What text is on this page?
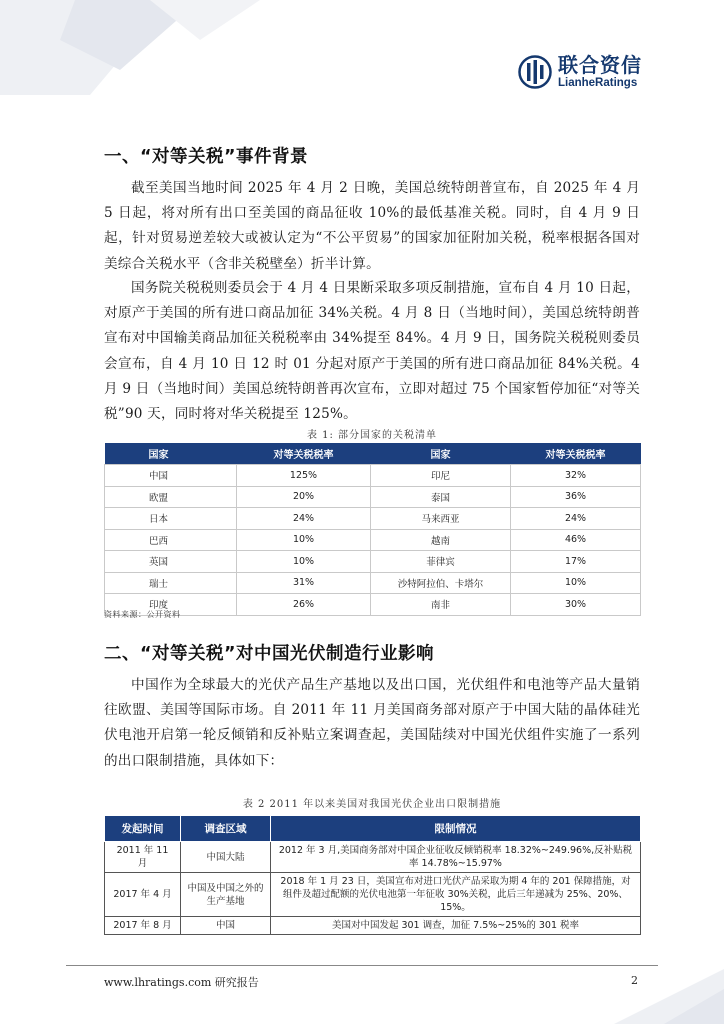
联合资信
LianheRatings
一、“对等关税”事件背景

截至美国当地时间 2025 年 4 月 2 日晚，美国总统特朗普宣布，自 2025 年 4 月 5 日起，将对所有出口至美国的商品征收 10%的最低基准关税。同时，自 4 月 9 日起，针对贸易逆差较大或被认定为“不公平贸易”的国家加征附加关税，税率根据各国对美综合关税水平（含非关税壁垒）折半计算。

国务院关税税则委员会于 4 月 4 日果断采取多项反制措施，宣布自 4 月 10 日起，对原产于美国的所有进口商品加征 34%关税。4 月 8 日（当地时间），美国总统特朗普宣布对中国输美商品加征关税税率由 34%提至 84%。4 月 9 日，国务院关税税则委员会宣布，自 4 月 10 日 12 时 01 分起对原产于美国的所有进口商品加征 84%关税。4 月 9 日（当地时间）美国总统特朗普再次宣布，立即对超过 75 个国家暂停加征“对等关税”90 天，同时将对华关税提至 125%。

表 1: 部分国家的关税清单
国家	对等关税税率	国家	对等关税税率
中国	125%	印尼	32%
欧盟	20%	泰国	36%
日本	24%	马来西亚	24%
巴西	10%	越南	46%
英国	10%	菲律宾	17%
瑞士	31%	沙特阿拉伯、卡塔尔	10%
印度	26%	南非	30%
资料来源：公开资料
二、“对等关税”对中国光伏制造行业影响

中国作为全球最大的光伏产品生产基地以及出口国，光伏组件和电池等产品大量销往欧盟、美国等国际市场。自 2011 年 11 月美国商务部对原产于中国大陆的晶体硅光伏电池开启第一轮反倾销和反补贴立案调查起，美国陆续对中国光伏组件实施了一系列的出口限制措施，具体如下：

表 2 2011 年以来美国对我国光伏企业出口限制措施
发起时间	调查区域	限制情况
2011 年 11 月	中国大陆	2012 年 3 月,美国商务部对中国企业征收反倾销税率 18.32%~249.96%,反补贴税率 14.78%~15.97%
2017 年 4 月	中国及中国之外的生产基地	2018 年 1 月 23 日，美国宣布对进口光伏产品采取为期 4 年的 201 保障措施，对组件及超过配额的光伏电池第一年征收 30%关税，此后三年递减为 25%、20%、15%。
2017 年 8 月	中国	美国对中国发起 301 调查，加征 7.5%~25%的 301 税率
www.lhratings.com 研究报告	2
